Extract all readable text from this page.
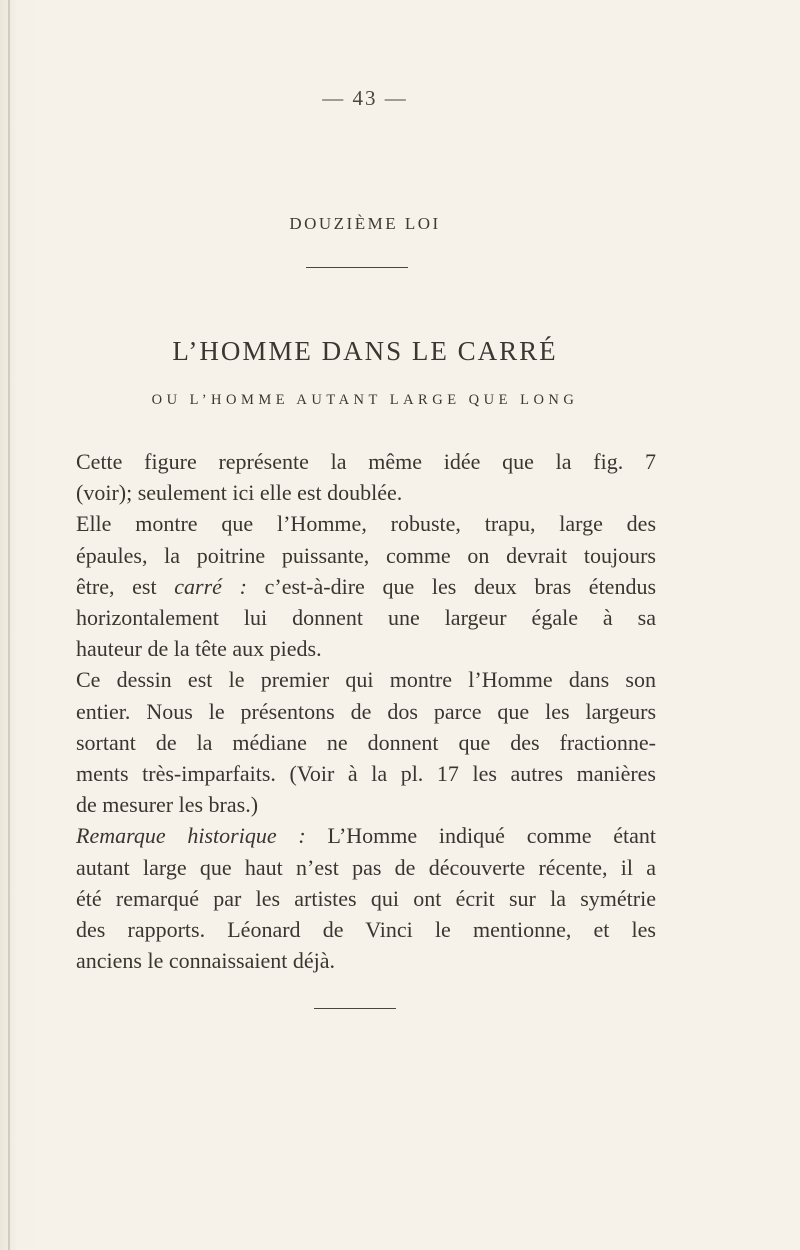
— 43 —
DOUZIÈME LOI
L’HOMME DANS LE CARRÉ
OU L’HOMME AUTANT LARGE QUE LONG
Cette figure représente la même idée que la fig. 7
(voir); seulement ici elle est doublée.
Elle montre que l’Homme, robuste, trapu, large des
épaules, la poitrine puissante, comme on devrait toujours
être, est carré : c’est-à-dire que les deux bras étendus
horizontalement lui donnent une largeur égale à sa
hauteur de la tête aux pieds.
Ce dessin est le premier qui montre l’Homme dans son
entier. Nous le présentons de dos parce que les largeurs
sortant de la médiane ne donnent que des fractionne-
ments très-imparfaits. (Voir à la pl. 17 les autres manières
de mesurer les bras.)
Remarque historique : L’Homme indiqué comme étant
autant large que haut n’est pas de découverte récente, il a
été remarqué par les artistes qui ont écrit sur la symétrie
des rapports. Léonard de Vinci le mentionne, et les
anciens le connaissaient déjà.
